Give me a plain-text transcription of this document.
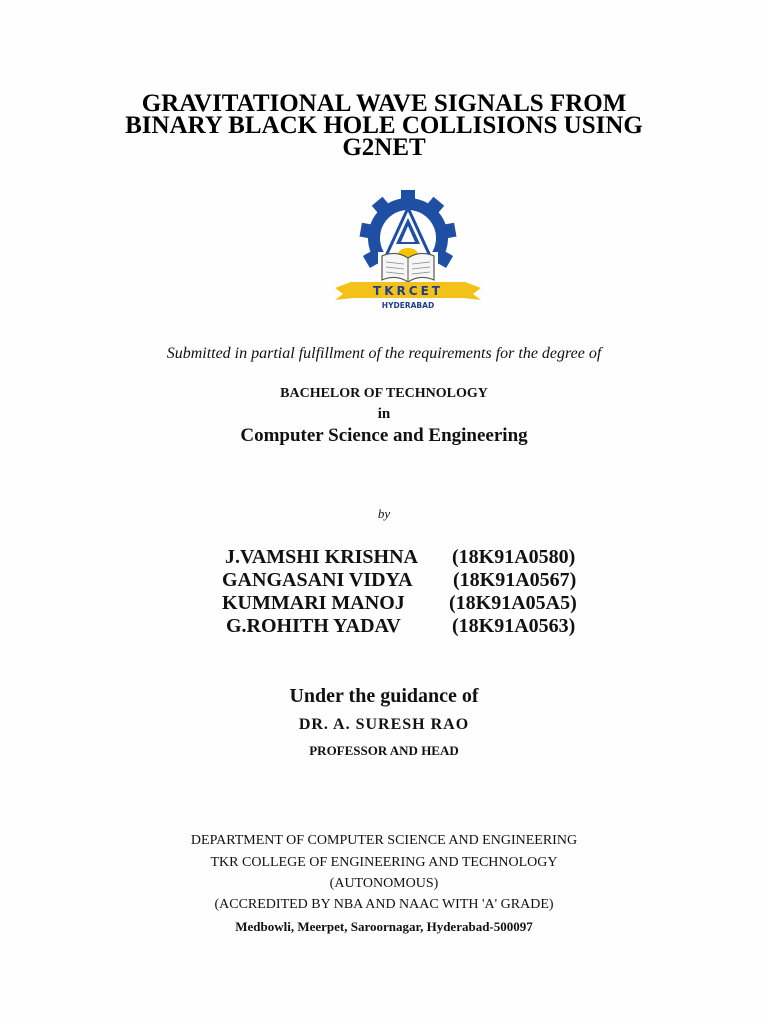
GRAVITATIONAL WAVE SIGNALS FROM
BINARY BLACK HOLE COLLISIONS USING
G2NET
TKRCET
HYDERABAD
Submitted in partial fulfillment of the requirements for the degree of
BACHELOR OF TECHNOLOGY
in
Computer Science and Engineering
by
J.VAMSHI KRISHNA (18K91A0580)
GANGASANI VIDYA (18K91A0567)
KUMMARI MANOJ (18K91A05A5)
G.ROHITH YADAV	(18K91A0563)
Under the guidance of
DR. A. SURESH RAO
PROFESSOR AND HEAD
DEPARTMENT OF COMPUTER SCIENCE AND ENGINEERING
TKR COLLEGE OF ENGINEERING AND TECHNOLOGY
(AUTONOMOUS)
(ACCREDITED BY NBA AND NAAC WITH 'A' GRADE)
Medbowli, Meerpet, Saroornagar, Hyderabad-500097
